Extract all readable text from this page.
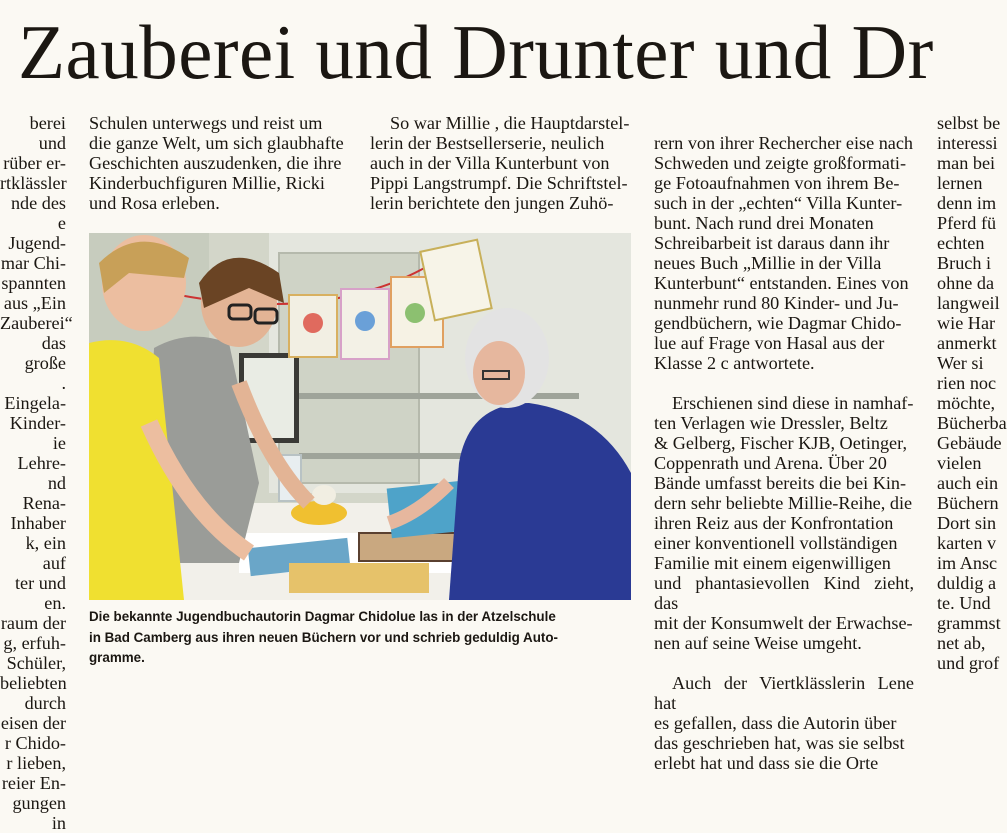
Zauberei und Drunter und Dr
berei und
rüber er-
rtklässler
nde des
e Jugend-
mar Chi-
spannten
aus „Ein
Zauberei“
das große
. Eingela-
Kinder-
ie Lehre-
nd Rena-
Inhaber
k, ein auf
ter und
en.
raum der
g, erfuh-
Schüler,
beliebten
durch
eisen der
r Chido-
r lieben,
reier En-
gungen in
Schulen unterwegs und reist um
die ganze Welt, um sich glaubhafte
Geschichten auszudenken, die ihre
Kinderbuchfiguren Millie, Ricki
und Rosa erleben.
So war Millie , die Hauptdarstel-
lerin der Bestsellerserie, neulich
auch in der Villa Kunterbunt von
Pippi Langstrumpf. Die Schriftstel-
lerin berichtete den jungen Zuhö-

rern von ihrer Rechercher eise nach
Schweden und zeigte großformati-
ge Fotoaufnahmen von ihrem Be-
such in der „echten“ Villa Kunter-
bunt. Nach rund drei Monaten
Schreibarbeit ist daraus dann ihr
neues Buch „Millie in der Villa
Kunterbunt“ entstanden. Eines von
nunmehr rund 80 Kinder- und Ju-
gendbüchern, wie Dagmar Chido-
lue auf Frage von Hasal aus der
Klasse 2 c antwortete.

Erschienen sind diese in namhaf-
ten Verlagen wie Dressler, Beltz
& Gelberg, Fischer KJB, Oetinger,
Coppenrath und Arena. Über 20
Bände umfasst bereits die bei Kin-
dern sehr beliebte Millie-Reihe, die
ihren Reiz aus der Konfrontation
einer konventionell vollständigen
Familie mit einem eigenwilligen
und phantasievollen Kind zieht, das
mit der Konsumwelt der Erwachse-
nen auf seine Weise umgeht.

Auch der Viertklässlerin Lene hat
es gefallen, dass die Autorin über
das geschrieben hat, was sie selbst
erlebt hat und dass sie die Orte

selbst be
interessi
man bei
lernen
denn im
Pferd fü
echten
Bruch i
ohne da
langweil
wie Har
anmerkt
Wer si
rien noc
möchte,
Bücherba
Gebäude
vielen
auch ein
Büchern
Dort sin
karten v
im Ansc
duldig a
te. Und
grammst
net ab,
und grof
Die bekannte Jugendbuchautorin Dagmar Chidolue las in der Atzelschule
in Bad Camberg aus ihren neuen Büchern vor und schrieb geduldig Auto-
gramme.
